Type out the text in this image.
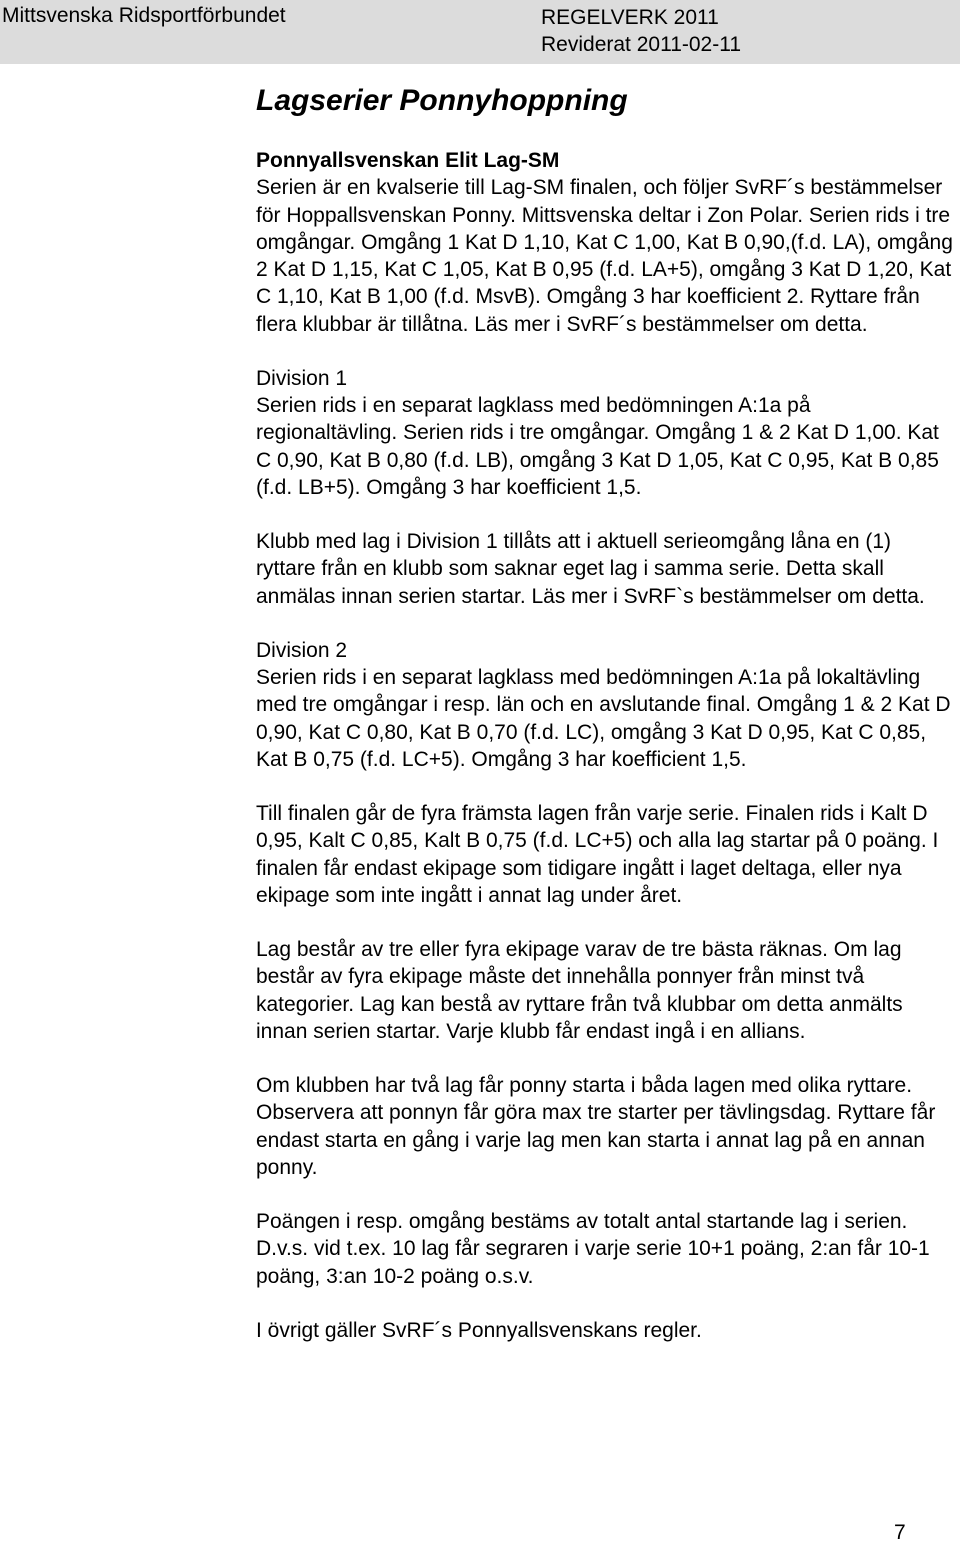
Mittsvenska Ridsportförbundet	REGELVERK 2011
Reviderat 2011-02-11
Lagserier Ponnyhoppning
Ponnyallsvenskan Elit Lag-SM

Serien är en kvalserie till Lag-SM finalen, och följer SvRF´s bestämmelser för Hoppallsvenskan Ponny. Mittsvenska deltar i Zon Polar. Serien rids i tre omgångar. Omgång 1 Kat D 1,10, Kat C 1,00, Kat B 0,90,(f.d. LA), omgång 2 Kat D 1,15, Kat C 1,05, Kat B 0,95 (f.d. LA+5), omgång 3 Kat D 1,20, Kat C 1,10, Kat B 1,00 (f.d. MsvB). Omgång 3 har koefficient 2. Ryttare från flera klubbar är tillåtna. Läs mer i SvRF´s bestämmelser om detta.

Division 1

Serien rids i en separat lagklass med bedömningen A:1a på regionaltävling. Serien rids i tre omgångar. Omgång 1 & 2 Kat D 1,00. Kat C 0,90, Kat B 0,80 (f.d. LB), omgång 3 Kat D 1,05, Kat C 0,95, Kat B 0,85 (f.d. LB+5). Omgång 3 har koefficient 1,5.

Klubb med lag i Division 1 tillåts att i aktuell serieomgång låna en (1) ryttare från en klubb som saknar eget lag i samma serie. Detta skall anmälas innan serien startar. Läs mer i SvRF`s bestämmelser om detta.

Division 2

Serien rids i en separat lagklass med bedömningen A:1a på lokaltävling med tre omgångar i resp. län och en avslutande final. Omgång 1 & 2 Kat D 0,90, Kat C 0,80, Kat B 0,70 (f.d. LC), omgång 3 Kat D 0,95, Kat C 0,85, Kat B 0,75 (f.d. LC+5). Omgång 3 har koefficient 1,5.

Till finalen går de fyra främsta lagen från varje serie. Finalen rids i Kalt D 0,95, Kalt C 0,85, Kalt B 0,75 (f.d. LC+5) och alla lag startar på 0 poäng. I finalen får endast ekipage som tidigare ingått i laget deltaga, eller nya ekipage som inte ingått i annat lag under året.

Lag består av tre eller fyra ekipage varav de tre bästa räknas. Om lag består av fyra ekipage måste det innehålla ponnyer från minst två kategorier. Lag kan bestå av ryttare från två klubbar om detta anmälts innan serien startar. Varje klubb får endast ingå i en allians.

Om klubben har två lag får ponny starta i båda lagen med olika ryttare. Observera att ponnyn får göra max tre starter per tävlingsdag. Ryttare får endast starta en gång i varje lag men kan starta i annat lag på en annan ponny.

Poängen i resp. omgång bestäms av totalt antal startande lag i serien. D.v.s. vid t.ex. 10 lag får segraren i varje serie 10+1 poäng, 2:an får 10-1 poäng, 3:an 10-2 poäng o.s.v.

I övrigt gäller SvRF´s Ponnyallsvenskans regler.

7
